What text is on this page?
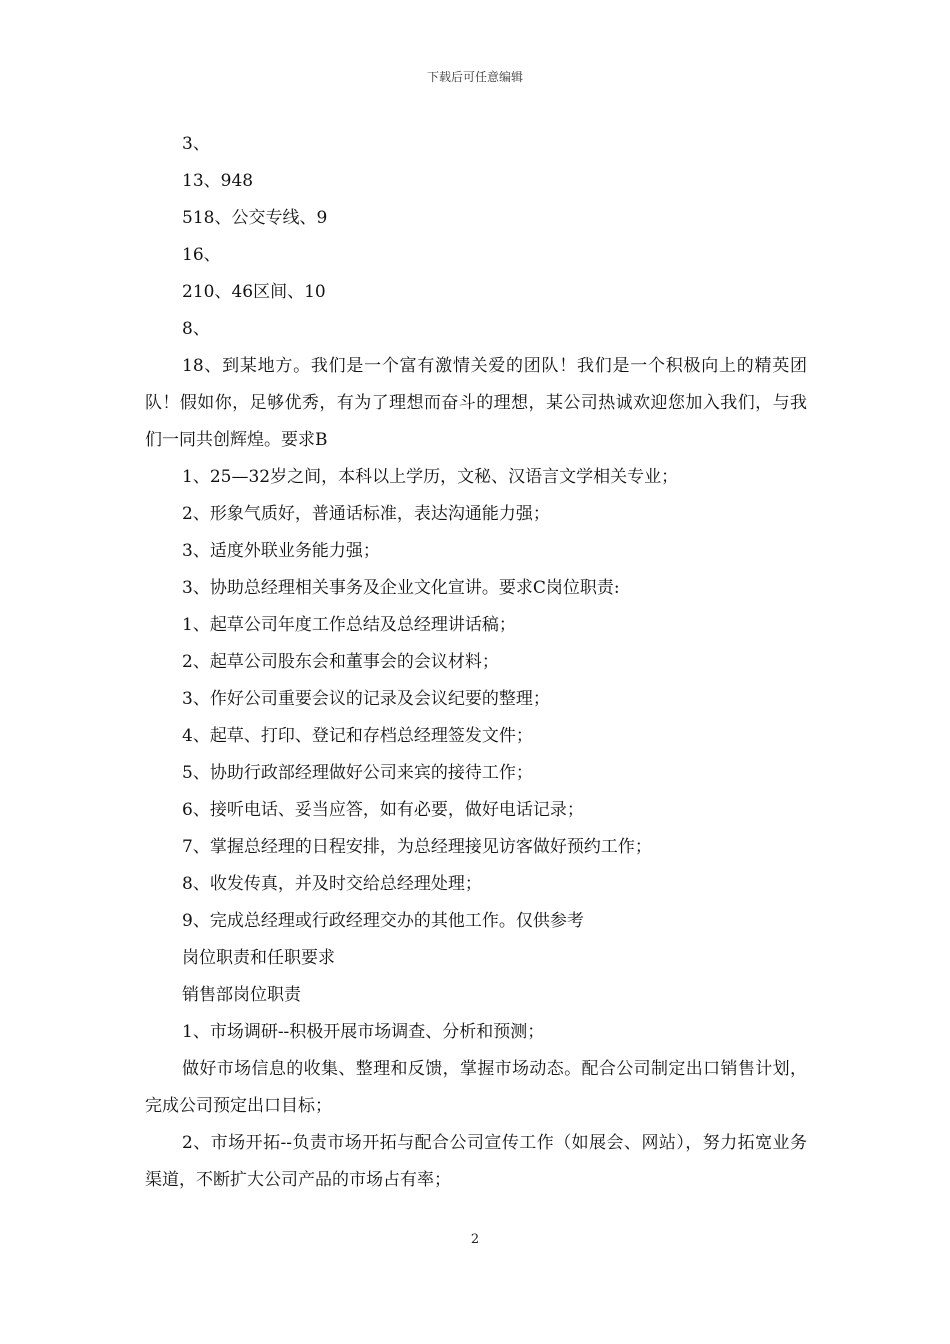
下载后可任意编辑

3、

13、948

518、公交专线、9

16、

210、46区间、10

8、

18、到某地方。我们是一个富有激情关爱的团队！我们是一个积极向上的精英团队！假如你，足够优秀，有为了理想而奋斗的理想，某公司热诚欢迎您加入我们，与我们一同共创辉煌。要求B

1、25—32岁之间，本科以上学历，文秘、汉语言文学相关专业；

2、形象气质好，普通话标准，表达沟通能力强；

3、适度外联业务能力强；

3、协助总经理相关事务及企业文化宣讲。要求C岗位职责:

1、起草公司年度工作总结及总经理讲话稿；

2、起草公司股东会和董事会的会议材料；

3、作好公司重要会议的记录及会议纪要的整理；

4、起草、打印、登记和存档总经理签发文件；

5、协助行政部经理做好公司来宾的接待工作；

6、接听电话、妥当应答，如有必要，做好电话记录；

7、掌握总经理的日程安排，为总经理接见访客做好预约工作；

8、收发传真，并及时交给总经理处理；

9、完成总经理或行政经理交办的其他工作。仅供参考

岗位职责和任职要求

销售部岗位职责

1、市场调研--积极开展市场调查、分析和预测；

做好市场信息的收集、整理和反馈，掌握市场动态。配合公司制定出口销售计划，完成公司预定出口目标；

2、市场开拓--负责市场开拓与配合公司宣传工作（如展会、网站），努力拓宽业务渠道，不断扩大公司产品的市场占有率；

2
